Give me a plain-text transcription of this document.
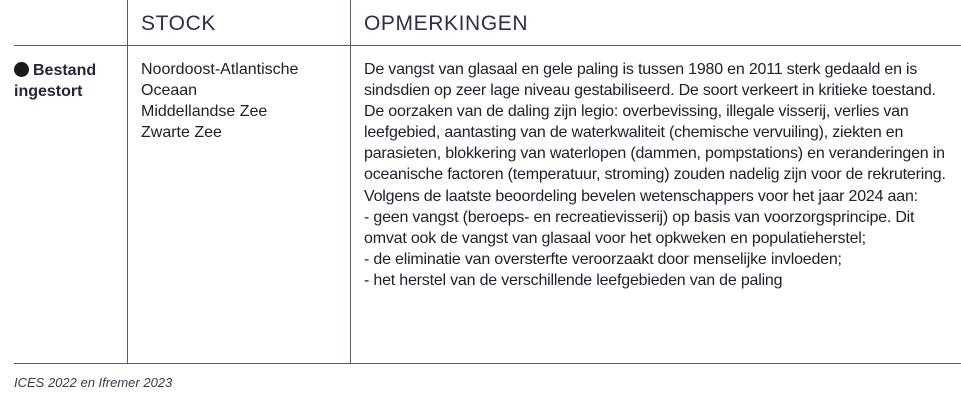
STOCK	OPMERKINGEN
Bestand
ingestort
Noordoost-Atlantische
Oceaan
Middellandse Zee
Zwarte Zee

De vangst van glasaal en gele paling is tussen 1980 en 2011 sterk gedaald en is sindsdien op zeer lage niveau gestabiliseerd. De soort verkeert in kritieke toestand.

De oorzaken van de daling zijn legio: overbevissing, illegale visserij, verlies van leefgebied, aantasting van de waterkwaliteit (chemische vervuiling), ziekten en parasieten, blokkering van waterlopen (dammen, pompstations) en veranderingen in oceanische factoren (temperatuur, stroming) zouden nadelig zijn voor de rekrutering.

Volgens de laatste beoordeling bevelen wetenschappers voor het jaar 2024 aan:

- geen vangst (beroeps- en recreatievisserij) op basis van voorzorgsprincipe. Dit omvat ook de vangst van glasaal voor het opkweken en populatieherstel;

- de eliminatie van oversterfte veroorzaakt door menselijke invloeden;

- het herstel van de verschillende leefgebieden van de paling

ICES 2022 en Ifremer 2023
